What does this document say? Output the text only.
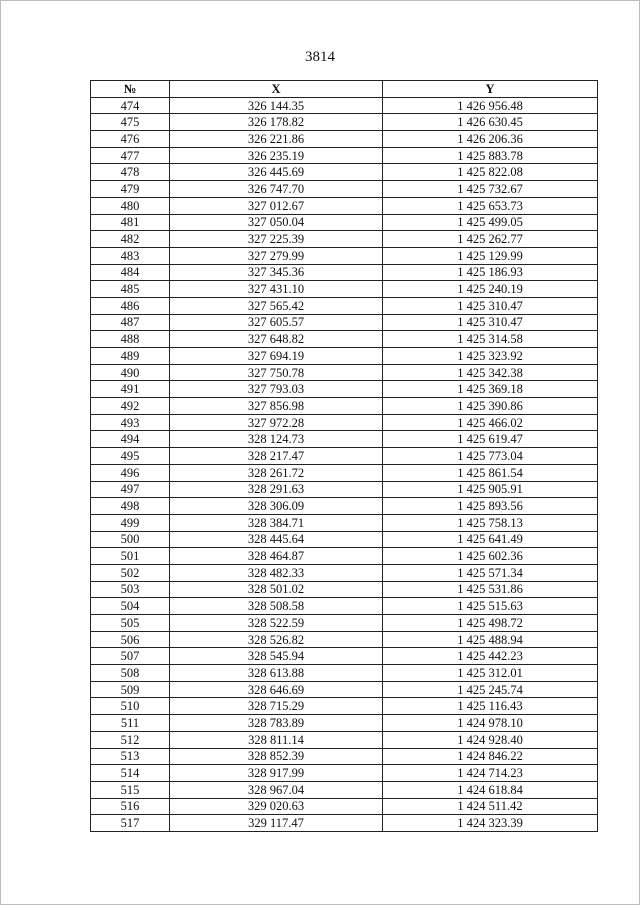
3814
№	X	Y
474	326 144.35	1 426 956.48
475	326 178.82	1 426 630.45
476	326 221.86	1 426 206.36
477	326 235.19	1 425 883.78
478	326 445.69	1 425 822.08
479	326 747.70	1 425 732.67
480	327 012.67	1 425 653.73
481	327 050.04	1 425 499.05
482	327 225.39	1 425 262.77
483	327 279.99	1 425 129.99
484	327 345.36	1 425 186.93
485	327 431.10	1 425 240.19
486	327 565.42	1 425 310.47
487	327 605.57	1 425 310.47
488	327 648.82	1 425 314.58
489	327 694.19	1 425 323.92
490	327 750.78	1 425 342.38
491	327 793.03	1 425 369.18
492	327 856.98	1 425 390.86
493	327 972.28	1 425 466.02
494	328 124.73	1 425 619.47
495	328 217.47	1 425 773.04
496	328 261.72	1 425 861.54
497	328 291.63	1 425 905.91
498	328 306.09	1 425 893.56
499	328 384.71	1 425 758.13
500	328 445.64	1 425 641.49
501	328 464.87	1 425 602.36
502	328 482.33	1 425 571.34
503	328 501.02	1 425 531.86
504	328 508.58	1 425 515.63
505	328 522.59	1 425 498.72
506	328 526.82	1 425 488.94
507	328 545.94	1 425 442.23
508	328 613.88	1 425 312.01
509	328 646.69	1 425 245.74
510	328 715.29	1 425 116.43
511	328 783.89	1 424 978.10
512	328 811.14	1 424 928.40
513	328 852.39	1 424 846.22
514	328 917.99	1 424 714.23
515	328 967.04	1 424 618.84
516	329 020.63	1 424 511.42
517	329 117.47	1 424 323.39
